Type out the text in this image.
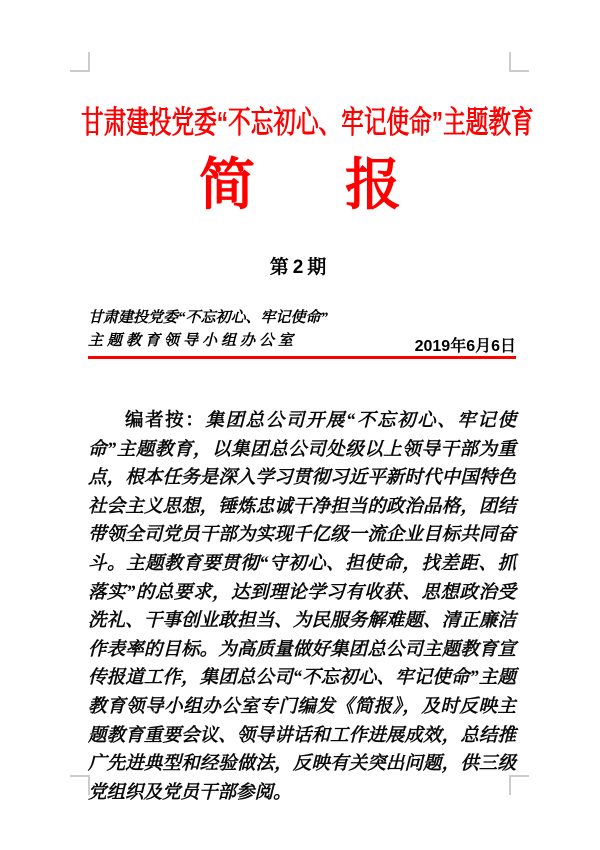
甘肃建投党委“不忘初心、牢记使命”主题教育
简 报
第2期
甘肃建投党委“不忘初心、牢记使命”
主题教育领导小组办公室	2019年6月6日

编者按：集团总公司开展“不忘初心、牢记使命”主题教育，以集团总公司处级以上领导干部为重点，根本任务是深入学习贯彻习近平新时代中国特色社会主义思想，锤炼忠诚干净担当的政治品格，团结带领全司党员干部为实现千亿级一流企业目标共同奋斗。主题教育要贯彻“守初心、担使命，找差距、抓落实”的总要求，达到理论学习有收获、思想政治受洗礼、干事创业敢担当、为民服务解难题、清正廉洁作表率的目标。为高质量做好集团总公司主题教育宣传报道工作，集团总公司“不忘初心、牢记使命”主题教育领导小组办公室专门编发《简报》，及时反映主题教育重要会议、领导讲话和工作进展成效，总结推广先进典型和经验做法，反映有关突出问题，供三级党组织及党员干部参阅。
